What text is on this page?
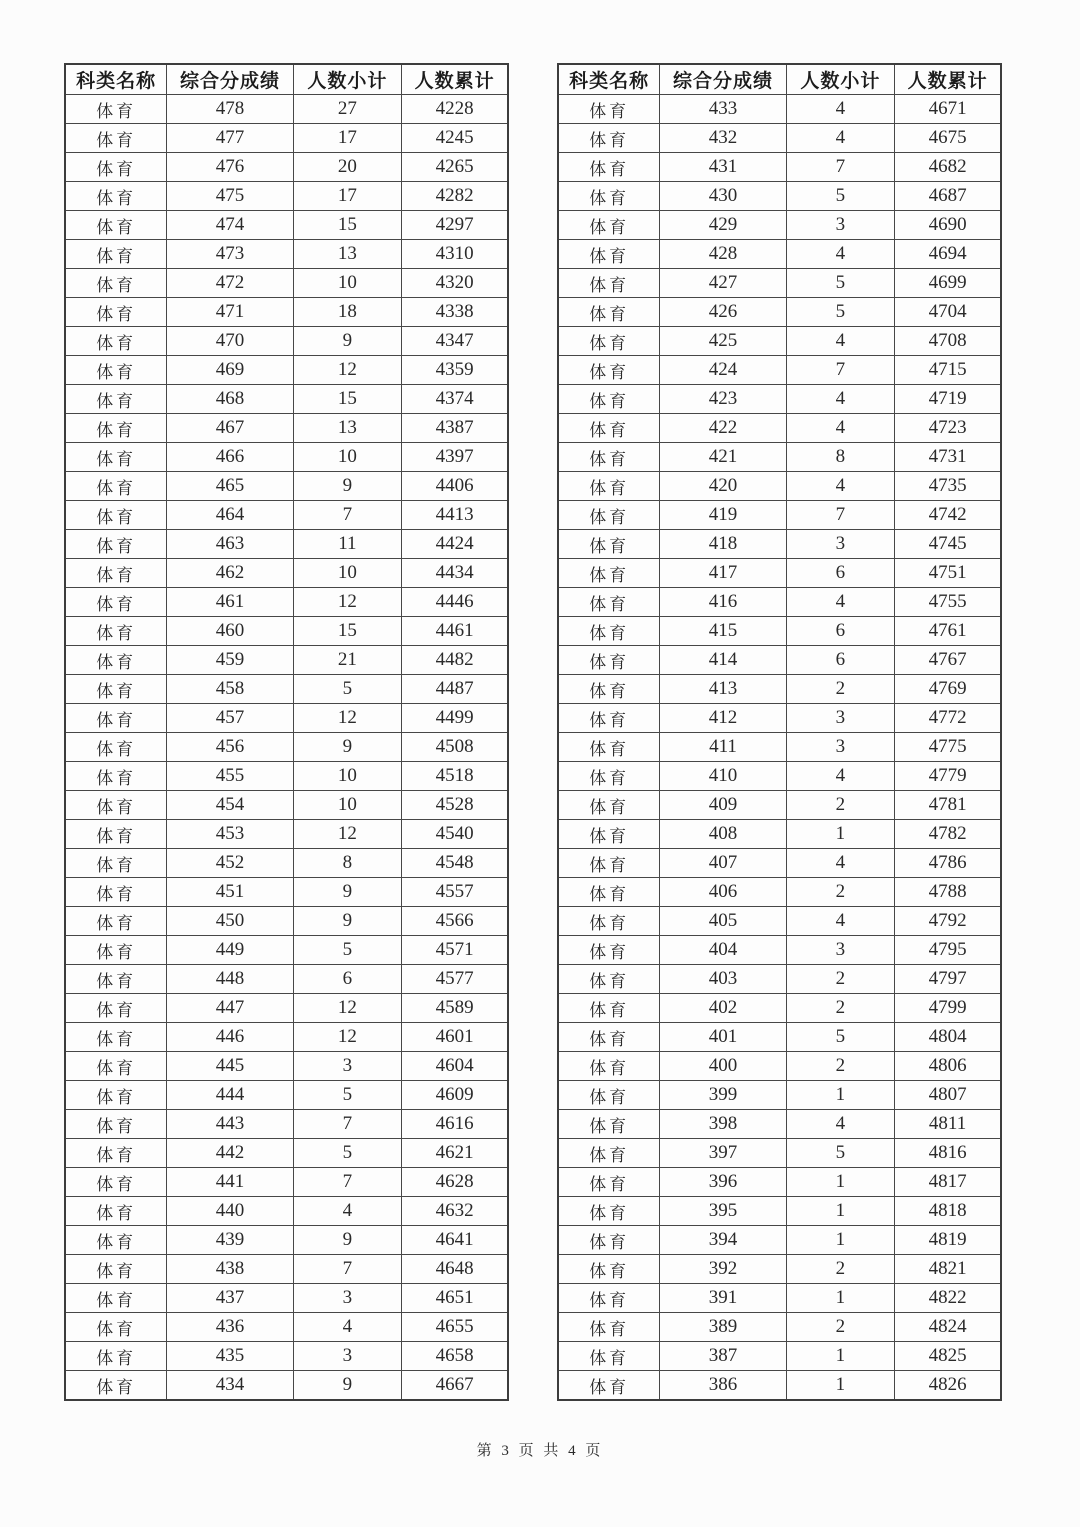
科类名称	综合分成绩	人数小计	人数累计
体育	478	27	4228
体育	477	17	4245
体育	476	20	4265
体育	475	17	4282
体育	474	15	4297
体育	473	13	4310
体育	472	10	4320
体育	471	18	4338
体育	470	9	4347
体育	469	12	4359
体育	468	15	4374
体育	467	13	4387
体育	466	10	4397
体育	465	9	4406
体育	464	7	4413
体育	463	11	4424
体育	462	10	4434
体育	461	12	4446
体育	460	15	4461
体育	459	21	4482
体育	458	5	4487
体育	457	12	4499
体育	456	9	4508
体育	455	10	4518
体育	454	10	4528
体育	453	12	4540
体育	452	8	4548
体育	451	9	4557
体育	450	9	4566
体育	449	5	4571
体育	448	6	4577
体育	447	12	4589
体育	446	12	4601
体育	445	3	4604
体育	444	5	4609
体育	443	7	4616
体育	442	5	4621
体育	441	7	4628
体育	440	4	4632
体育	439	9	4641
体育	438	7	4648
体育	437	3	4651
体育	436	4	4655
体育	435	3	4658
体育	434	9	4667
科类名称	综合分成绩	人数小计	人数累计
体育	433	4	4671
体育	432	4	4675
体育	431	7	4682
体育	430	5	4687
体育	429	3	4690
体育	428	4	4694
体育	427	5	4699
体育	426	5	4704
体育	425	4	4708
体育	424	7	4715
体育	423	4	4719
体育	422	4	4723
体育	421	8	4731
体育	420	4	4735
体育	419	7	4742
体育	418	3	4745
体育	417	6	4751
体育	416	4	4755
体育	415	6	4761
体育	414	6	4767
体育	413	2	4769
体育	412	3	4772
体育	411	3	4775
体育	410	4	4779
体育	409	2	4781
体育	408	1	4782
体育	407	4	4786
体育	406	2	4788
体育	405	4	4792
体育	404	3	4795
体育	403	2	4797
体育	402	2	4799
体育	401	5	4804
体育	400	2	4806
体育	399	1	4807
体育	398	4	4811
体育	397	5	4816
体育	396	1	4817
体育	395	1	4818
体育	394	1	4819
体育	392	2	4821
体育	391	1	4822
体育	389	2	4824
体育	387	1	4825
体育	386	1	4826
第 3 页 共 4 页
